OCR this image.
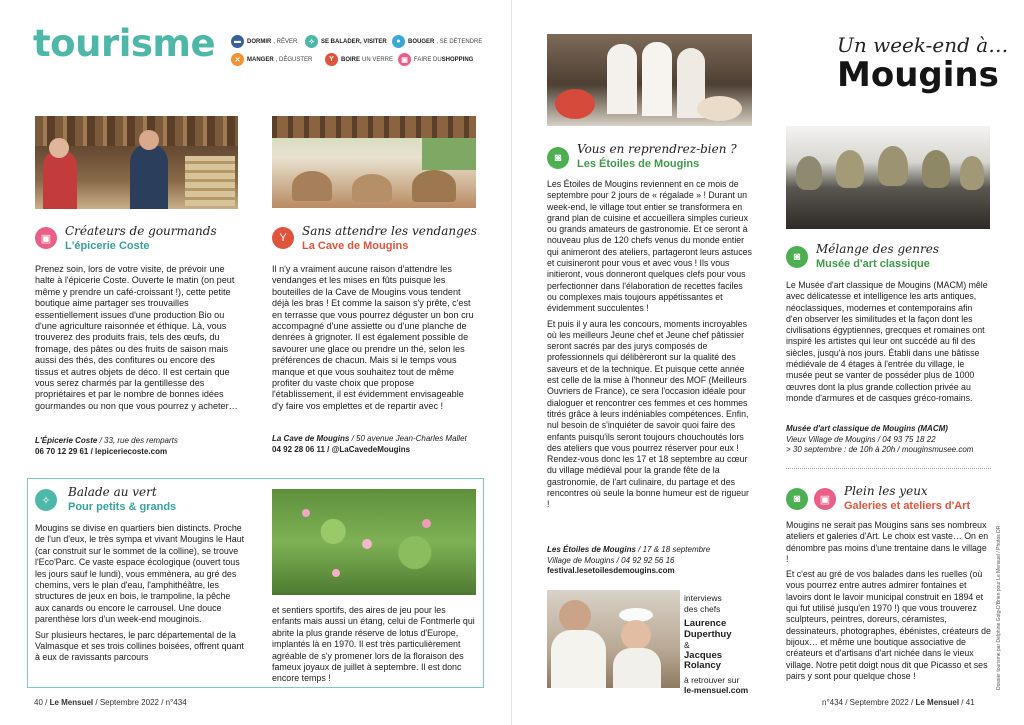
tourisme	▬	DORMIR , RÊVER	✧	SE BALADER, VISITER	●	BOUGER , SE DÉTENDRE
✕	MANGER , DÉGUSTER	Y	BOIRE UN VERRE	▣	FAIRE DU SHOPPING
▣
Créateurs de gourmands
L'épicerie Coste

Prenez soin, lors de votre visite, de prévoir une halte à l'épicerie Coste. Ouverte le matin (on peut même y prendre un café-croissant !), cette petite boutique aime partager ses trouvailles essentiellement issues d'une production Bio ou d'une agriculture raisonnée et éthique. Là, vous trouverez des produits frais, tels des œufs, du fromage, des pâtes ou des fruits de saison mais aussi des thés, des confitures ou encore des tissus et autres objets de déco. Il est certain que vous serez charmés par la gentillesse des propriétaires et par le nombre de bonnes idées gourmandes ou non que vous pourrez y acheter…

L'Épicerie Coste / 33, rue des remparts
06 70 12 29 61 / lepiceriecoste.com
Y	Sans attendre les vendanges
La Cave de Mougins

Il n'y a vraiment aucune raison d'attendre les vendanges et les mises en fûts puisque les bouteilles de la Cave de Mougins vous tendent déjà les bras ! Et comme la saison s'y prête, c'est en terrasse que vous pourrez déguster un bon cru accompagné d'une assiette ou d'une planche de denrées à grignoter. Il est également possible de savourer une glace ou prendre un thé, selon les préférences de chacun. Mais si le temps vous manque et que vous souhaitez tout de même profiter du vaste choix que propose l'établissement, il est évidemment envisageable d'y faire vos emplettes et de repartir avec !

La Cave de Mougins / 50 avenue Jean-Charles Mallet
04 92 28 06 11 / @LaCavedeMougins
✧
Balade au vert
Pour petits & grands

Mougins se divise en quartiers bien distincts. Proche de l'un d'eux, le très sympa et vivant Mougins le Haut (car construit sur le sommet de la colline), se trouve l'Eco'Parc. Ce vaste espace écologique (ouvert tous les jours sauf le lundi), vous emmènera, au gré des chemins, vers le plan d'eau, l'amphithéâtre, les structures de jeux en bois, le trampoline, la pêche aux canards ou encore le carrousel. Une douce parenthèse lors d'un week-end mouginois.

Sur plusieurs hectares, le parc départemental de la Valmasque et ses trois collines boisées, offrent quant à eux de ravissants parcours

et sentiers sportifs, des aires de jeu pour les enfants mais aussi un étang, celui de Fontmerle qui abrite la plus grande réserve de lotus d'Europe, implantés là en 1970. Il est très particulièrement agréable de s'y promener lors de la floraison des fameux joyaux de juillet à septembre. Il est donc encore temps !

40 / Le Mensuel / Septembre 2022 / n°434
Un week-end à…
Mougins
◙
Vous en reprendrez-bien ?
Les Étoiles de Mougins

Les Étoiles de Mougins reviennent en ce mois de septembre pour 2 jours de « régalade » ! Durant un week-end, le village tout entier se transformera en grand plan de cuisine et accueillera simples curieux ou grands amateurs de gastronomie. Et ce seront à nouveau plus de 120 chefs venus du monde entier qui animeront des ateliers, partageront leurs astuces et cuisineront pour vous et avec vous ! Ils vous initieront, vous donneront quelques clefs pour vous perfectionner dans l'élaboration de recettes faciles ou complexes mais toujours appétissantes et évidemment succulentes !

Et puis il y aura les concours, moments incroyables où les meilleurs Jeune chef et Jeune chef pâtissier seront sacrés par des jurys composés de professionnels qui délibèreront sur la qualité des saveurs et de la technique. Et puisque cette année est celle de la mise à l'honneur des MOF (Meilleurs Ouvriers de France), ce sera l'occasion idéale pour dialoguer et rencontrer ces femmes et ces hommes titrés grâce à leurs indéniables compétences. Enfin, nul besoin de s'inquiéter de savoir quoi faire des enfants puisqu'ils seront toujours chouchoutés lors des ateliers que vous pourrez réserver pour eux ! Rendez-vous donc les 17 et 18 septembre au cœur du village médiéval pour la grande fête de la gastronomie, de l'art culinaire, du partage et des rencontres où seule la bonne humeur est de rigueur !

Les Étoiles de Mougins / 17 & 18 septembre
Village de Mougins / 04 92 92 56 16
festival.lesetoilesdemougins.com
interviews
des chefs
Laurence
Duperthuy
&
Jacques
Rolancy
à retrouver sur
le-mensuel.com
◙
Mélange des genres
Musée d'art classique

Le Musée d'art classique de Mougins (MACM) mêle avec délicatesse et intelligence les arts antiques, néoclassiques, modernes et contemporains afin d'en observer les similitudes et la façon dont les civilisations égyptiennes, grecques et romaines ont inspiré les artistes qui leur ont succédé au fil des siècles, jusqu'à nos jours. Établi dans une bâtisse médiévale de 4 étages à l'entrée du village, le musée peut se vanter de posséder plus de 1000 œuvres dont la plus grande collection privée au monde d'armures et de casques gréco-romains.

Musée d'art classique de Mougins (MACM)
Vieux Village de Mougins / 04 93 75 18 22
> 30 septembre : de 10h à 20h / mouginsmusee.com
◙	▣
Plein les yeux
Galeries et ateliers d'Art

Mougins ne serait pas Mougins sans ses nombreux ateliers et galeries d'Art. Le choix est vaste… On en dénombre pas moins d'une trentaine dans le village !

Et c'est au gré de vos balades dans les ruelles (où vous pourrez entre autres admirer fontaines et lavoirs dont le lavoir municipal construit en 1894 et qui fut utilisé jusqu'en 1970 !) que vous trouverez sculpteurs, peintres, doreurs, céramistes, dessinateurs, photographes, ébénistes, créateurs de bijoux… et même une boutique associative de créateurs et d'artisans d'art nichée dans le vieux village. Notre petit doigt nous dit que Picasso et ses pairs y sont pour quelque chose !	Dossier tourisme par Delphine Gotg-D'Brien pour Le Mensuel / Photos DR
n°434 / Septembre 2022 / Le Mensuel / 41
